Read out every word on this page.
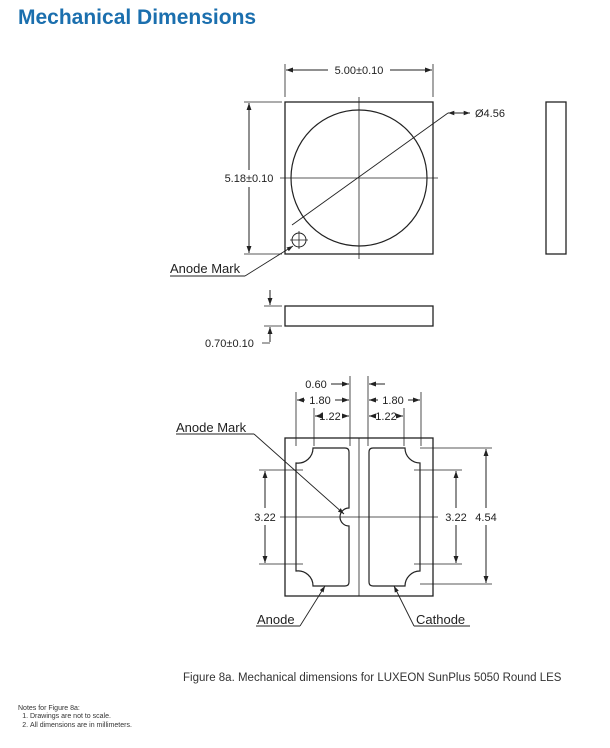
Mechanical Dimensions
5.00±0.10
Ø4.56
5.18±0.10
0.70±0.10
0.60
1.80	1.80
1.22	1.22
3.22	3.22 4.54
Anode Mark
Anode Mark
Anode	Cathode
Figure 8a. Mechanical dimensions for LUXEON SunPlus 5050 Round LES
Notes for Figure 8a:
1. Drawings are not to scale.
2. All dimensions are in millimeters.
